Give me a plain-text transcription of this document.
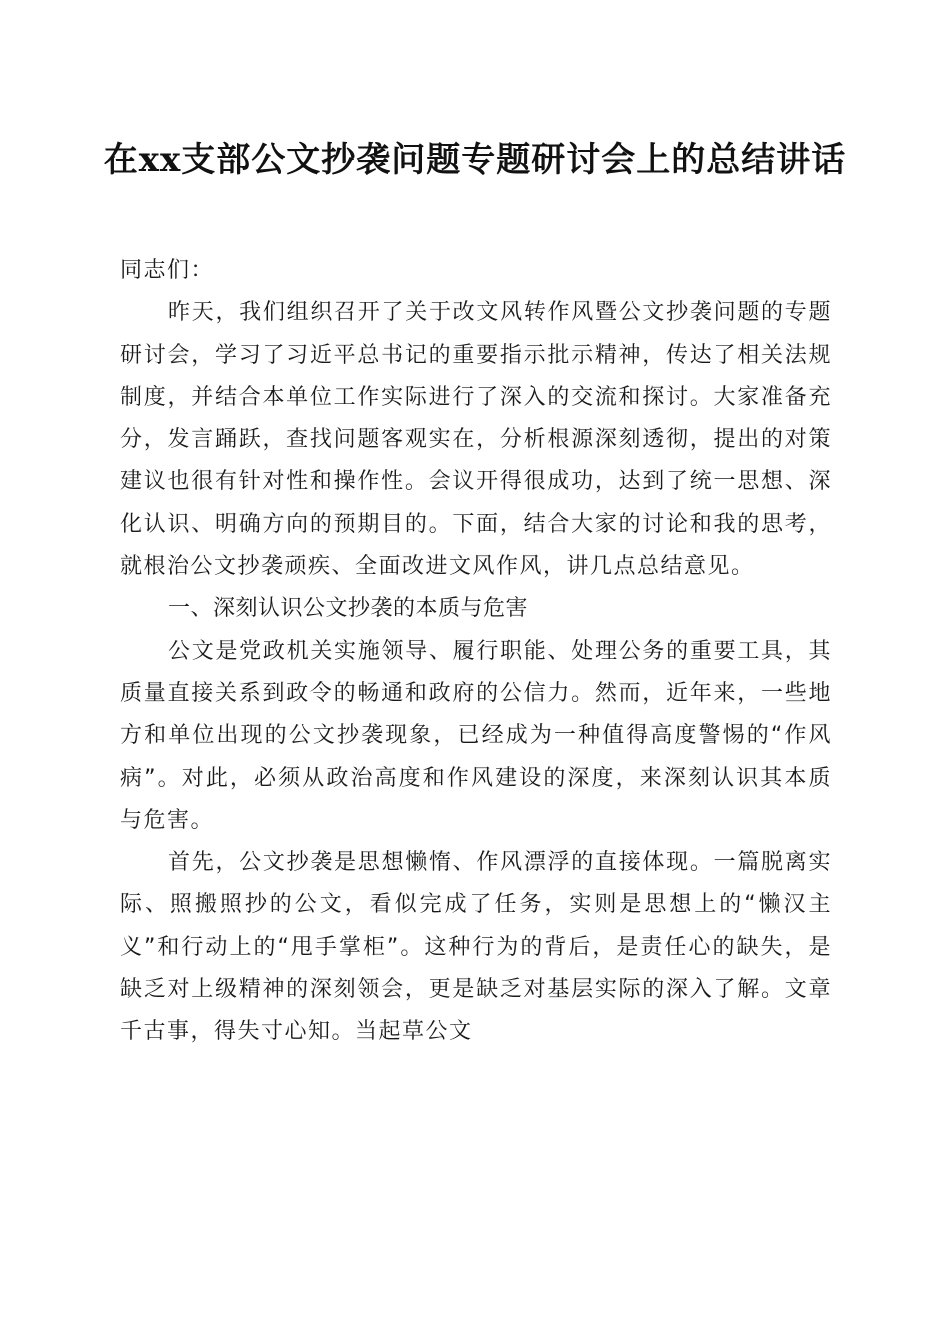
在xx支部公文抄袭问题专题研讨会上的总结讲话

同志们：

昨天，我们组织召开了关于改文风转作风暨公文抄袭问题的专题研讨会，学习了习近平总书记的重要指示批示精神，传达了相关法规制度，并结合本单位工作实际进行了深入的交流和探讨。大家准备充分，发言踊跃，查找问题客观实在，分析根源深刻透彻，提出的对策建议也很有针对性和操作性。会议开得很成功，达到了统一思想、深化认识、明确方向的预期目的。下面，结合大家的讨论和我的思考，就根治公文抄袭顽疾、全面改进文风作风，讲几点总结意见。

一、深刻认识公文抄袭的本质与危害

公文是党政机关实施领导、履行职能、处理公务的重要工具，其质量直接关系到政令的畅通和政府的公信力。然而，近年来，一些地方和单位出现的公文抄袭现象，已经成为一种值得高度警惕的“作风病”。对此，必须从政治高度和作风建设的深度，来深刻认识其本质与危害。

首先，公文抄袭是思想懒惰、作风漂浮的直接体现。一篇脱离实际、照搬照抄的公文，看似完成了任务，实则是思想上的“懒汉主义”和行动上的“甩手掌柜”。这种行为的背后，是责任心的缺失，是缺乏对上级精神的深刻领会，更是缺乏对基层实际的深入了解。文章千古事，得失寸心知。当起草公文
